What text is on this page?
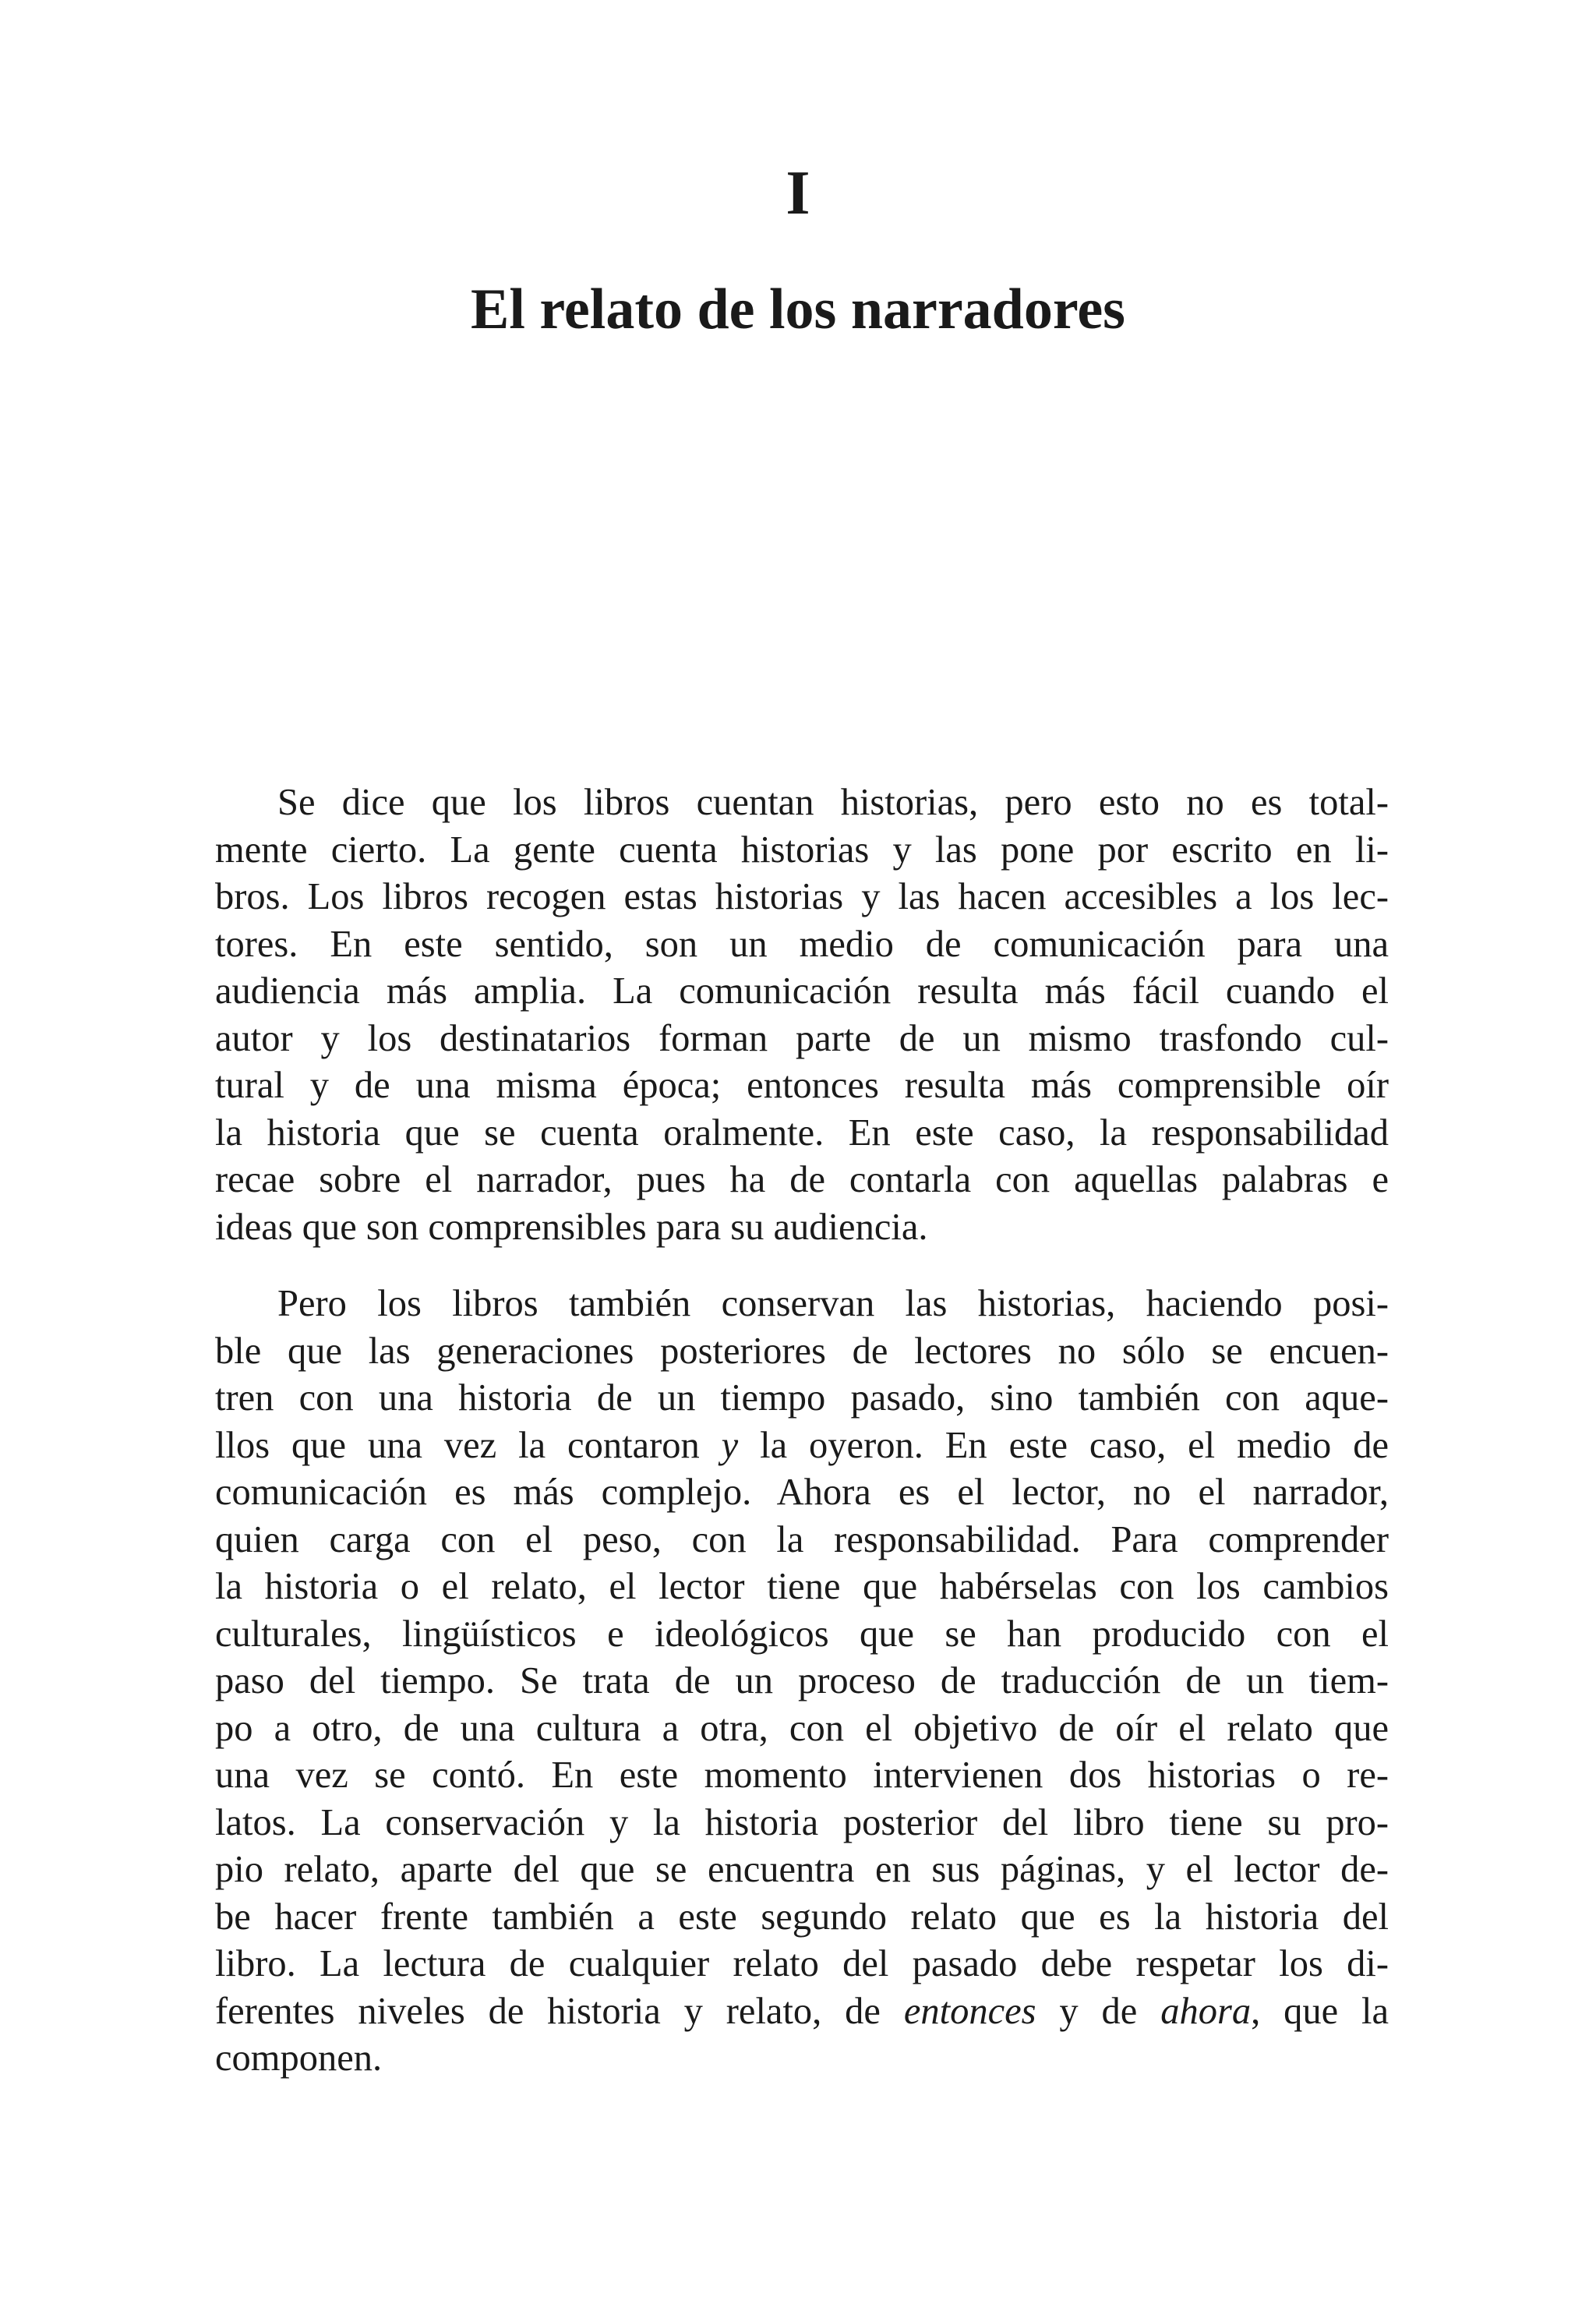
I
El relato de los narradores
Se dice que los libros cuentan historias, pero esto no es total-
mente cierto. La gente cuenta historias y las pone por escrito en li-
bros. Los libros recogen estas historias y las hacen accesibles a los lec-
tores. En este sentido, son un medio de comunicación para una
audiencia más amplia. La comunicación resulta más fácil cuando el
autor y los destinatarios forman parte de un mismo trasfondo cul-
tural y de una misma época; entonces resulta más comprensible oír
la historia que se cuenta oralmente. En este caso, la responsabilidad
recae sobre el narrador, pues ha de contarla con aquellas palabras e
ideas que son comprensibles para su audiencia.
Pero los libros también conservan las historias, haciendo posi-
ble que las generaciones posteriores de lectores no sólo se encuen-
tren con una historia de un tiempo pasado, sino también con aque-
llos que una vez la contaron y la oyeron. En este caso, el medio de
comunicación es más complejo. Ahora es el lector, no el narrador,
quien carga con el peso, con la responsabilidad. Para comprender
la historia o el relato, el lector tiene que habérselas con los cambios
culturales, lingüísticos e ideológicos que se han producido con el
paso del tiempo. Se trata de un proceso de traducción de un tiem-
po a otro, de una cultura a otra, con el objetivo de oír el relato que
una vez se contó. En este momento intervienen dos historias o re-
latos. La conservación y la historia posterior del libro tiene su pro-
pio relato, aparte del que se encuentra en sus páginas, y el lector de-
be hacer frente también a este segundo relato que es la historia del
libro. La lectura de cualquier relato del pasado debe respetar los di-
ferentes niveles de historia y relato, de entonces y de ahora, que la
componen.
